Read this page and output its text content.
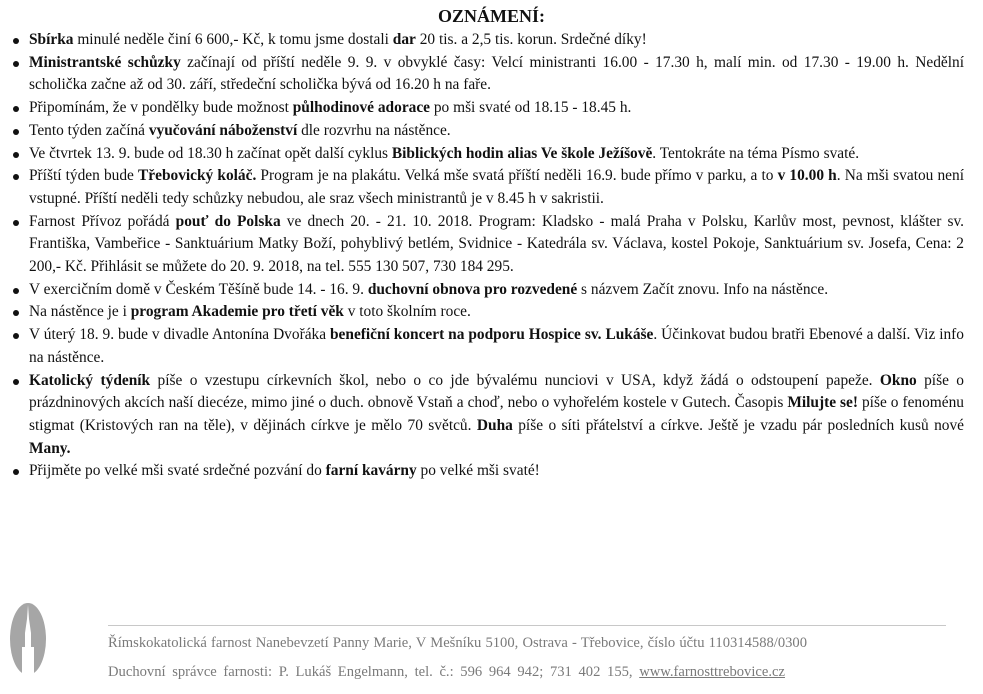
OZNÁMENÍ:
Sbírka minulé neděle činí 6 600,- Kč, k tomu jsme dostali dar 20 tis. a 2,5 tis. korun. Srdečné díky!
Ministrantské schůzky začínají od příští neděle 9. 9. v obvyklé časy: Velcí ministranti 16.00 - 17.30 h, malí min. od 17.30 - 19.00 h. Nedělní scholička začne až od 30. září, středeční scholička bývá od 16.20 h na faře.
Připomínám, že v pondělky bude možnost půlhodinové adorace po mši svaté od 18.15 - 18.45 h.
Tento týden začíná vyučování náboženství dle rozvrhu na nástěnce.
Ve čtvrtek 13. 9. bude od 18.30 h začínat opět další cyklus Biblických hodin alias Ve škole Ježíšově. Tentokráte na téma Písmo svaté.
Příští týden bude Třebovický koláč. Program je na plakátu. Velká mše svatá příští neděli 16.9. bude přímo v parku, a to v 10.00 h. Na mši svatou není vstupné. Příští neděli tedy schůzky nebudou, ale sraz všech ministrantů je v 8.45 h v sakristii.
Farnost Přívoz pořádá pouť do Polska ve dnech 20. - 21. 10. 2018. Program: Kladsko - malá Praha v Polsku, Karlův most, pevnost, klášter sv. Františka, Vambeřice - Sanktuárium Matky Boží, pohyblivý betlém, Svidnice - Katedrála sv. Václava, kostel Pokoje, Sanktuárium sv. Josefa, Cena: 2 200,- Kč. Přihlásit se můžete do 20. 9. 2018, na tel. 555 130 507, 730 184 295.
V exercičním domě v Českém Těšíně bude 14. - 16. 9. duchovní obnova pro rozvedené s názvem Začít znovu. Info na nástěnce.
Na nástěnce je i program Akademie pro třetí věk v toto školním roce.
V úterý 18. 9. bude v divadle Antonína Dvořáka benefiční koncert na podporu Hospice sv. Lukáše. Účinkovat budou bratři Ebenové a další. Viz info na nástěnce.
Katolický týdeník píše o vzestupu církevních škol, nebo o co jde bývalému nunciovi v USA, když žádá o odstoupení papeže. Okno píše o prázdninových akcích naší diecéze, mimo jiné o duch. obnově Vstaň a choď, nebo o vyhořelém kostele v Gutech. Časopis Milujte se! píše o fenoménu stigmat (Kristových ran na těle), v dějinách církve je mělo 70 světců. Duha píše o síti přátelství a církve. Ještě je vzadu pár posledních kusů nové Many.
Přijměte po velké mši svaté srdečné pozvání do farní kavárny po velké mši svaté!
Římskokatolická farnost Nanebevzetí Panny Marie, V Mešníku 5100, Ostrava - Třebovice, číslo účtu 110314588/0300
Duchovní správce farnosti: P. Lukáš Engelmann, tel. č.: 596 964 942; 731 402 155, www.farnosttrebovice.cz
